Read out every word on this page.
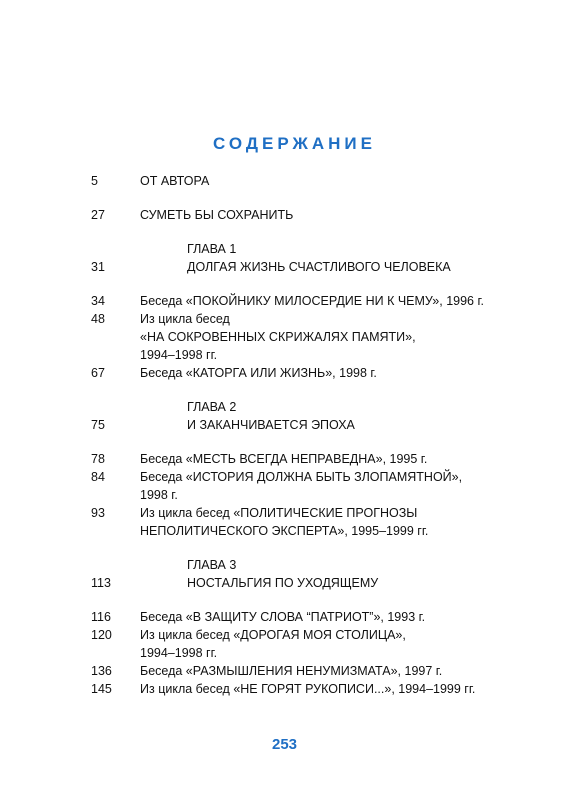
СОДЕРЖАНИЕ
5	ОТ АВТОРА
27	СУМЕТЬ БЫ СОХРАНИТЬ
ГЛАВА 1
31	ДОЛГАЯ ЖИЗНЬ СЧАСТЛИВОГО ЧЕЛОВЕКА
34	Беседа «ПОКОЙНИКУ МИЛОСЕРДИЕ НИ К ЧЕМУ», 1996 г.
48	Из цикла бесед
«НА СОКРОВЕННЫХ СКРИЖАЛЯХ ПАМЯТИ»,
1994–1998 гг.
67	Беседа «КАТОРГА ИЛИ ЖИЗНЬ», 1998 г.
ГЛАВА 2
75	И ЗАКАНЧИВАЕТСЯ ЭПОХА
78	Беседа «МЕСТЬ ВСЕГДА НЕПРАВЕДНА», 1995 г.
84	Беседа «ИСТОРИЯ ДОЛЖНА БЫТЬ ЗЛОПАМЯТНОЙ»,
1998 г.
93	Из цикла бесед «ПОЛИТИЧЕСКИЕ ПРОГНОЗЫ
НЕПОЛИТИЧЕСКОГО ЭКСПЕРТА», 1995–1999 гг.
ГЛАВА 3
113	НОСТАЛЬГИЯ ПО УХОДЯЩЕМУ
116 Беседа «В ЗАЩИТУ СЛОВА “ПАТРИОТ”», 1993 г.
120 Из цикла бесед «ДОРОГАЯ МОЯ СТОЛИЦА»,
1994–1998 гг.
136 Беседа «РАЗМЫШЛЕНИЯ НЕНУМИЗМАТА», 1997 г.
145 Из цикла бесед «НЕ ГОРЯТ РУКОПИСИ...», 1994–1999 гг.
253
